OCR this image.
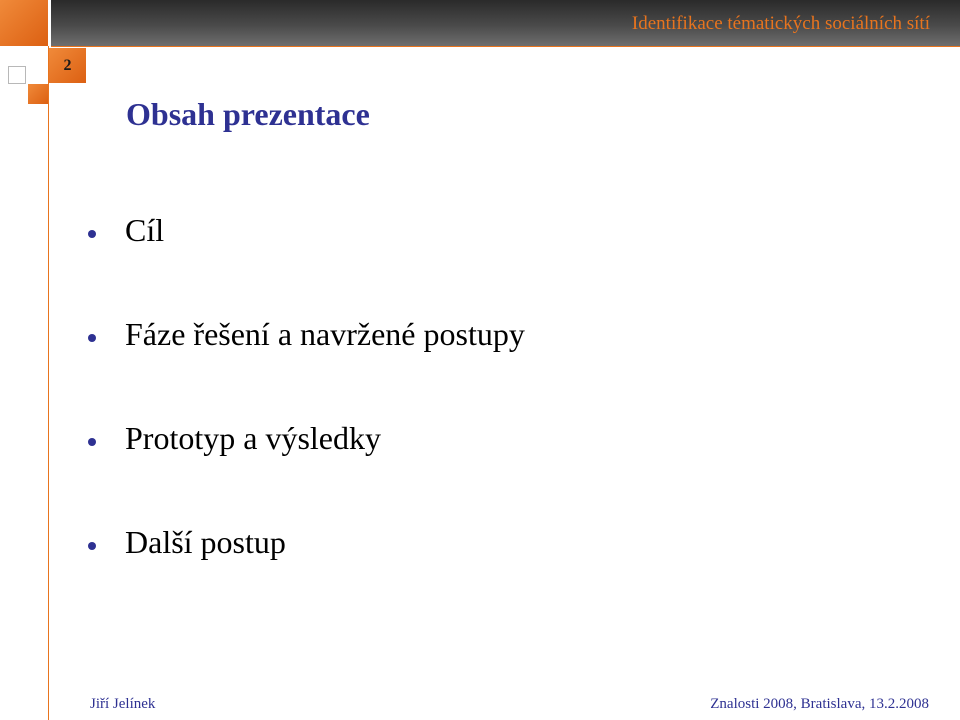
Identifikace tématických sociálních sítí
2
Obsah prezentace
Cíl
Fáze řešení a navržené postupy
Prototyp a výsledky
Další postup
Jiří Jelínek	Znalosti 2008, Bratislava, 13.2.2008
